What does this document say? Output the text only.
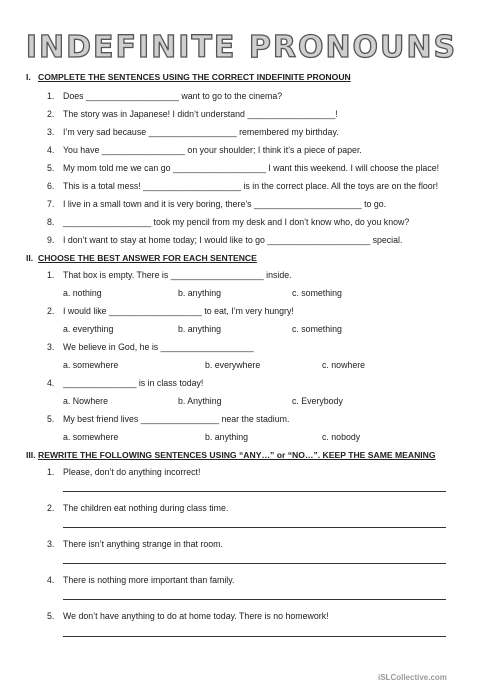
INDEFINITE PRONOUNS
I. COMPLETE THE SENTENCES USING THE CORRECT INDEFINITE PRONOUN
1. Does ___________________ want to go to the cinema?
2. The story was in Japanese! I didn’t understand __________________!
3. I’m very sad because __________________ remembered my birthday.
4. You have _________________ on your shoulder; I think it’s a piece of paper.
5. My mom told me we can go ___________________ I want this weekend. I will choose the place!
6. This is a total mess! ____________________ is in the correct place. All the toys are on the floor!
7. I live in a small town and it is very boring, there’s ______________________ to go.
8. __________________ took my pencil from my desk and I don’t know who, do you know?
9. I don’t want to stay at home today; I would like to go _____________________ special.
II. CHOOSE THE BEST ANSWER FOR EACH SENTENCE
1. That box is empty. There is ___________________ inside.
a. nothing	b. anything	c. something
2. I would like ___________________ to eat, I’m very hungry!
a. everything	b. anything	c. something
3. We believe in God, he is ___________________
a. somewhere	b. everywhere	c. nowhere
4. _______________ is in class today!
a. Nowhere	b. Anything	c. Everybody
5. My best friend lives ________________ near the stadium.
a. somewhere	b. anything	c. nobody
III. REWRITE THE FOLLOWING SENTENCES USING “ANY…” or “NO…”. KEEP THE SAME MEANING
1. Please, don’t do anything incorrect!
2. The children eat nothing during class time.
3. There isn’t anything strange in that room.
4. There is nothing more important than family.
5. We don’t have anything to do at home today. There is no homework!
iSLCollective.com
